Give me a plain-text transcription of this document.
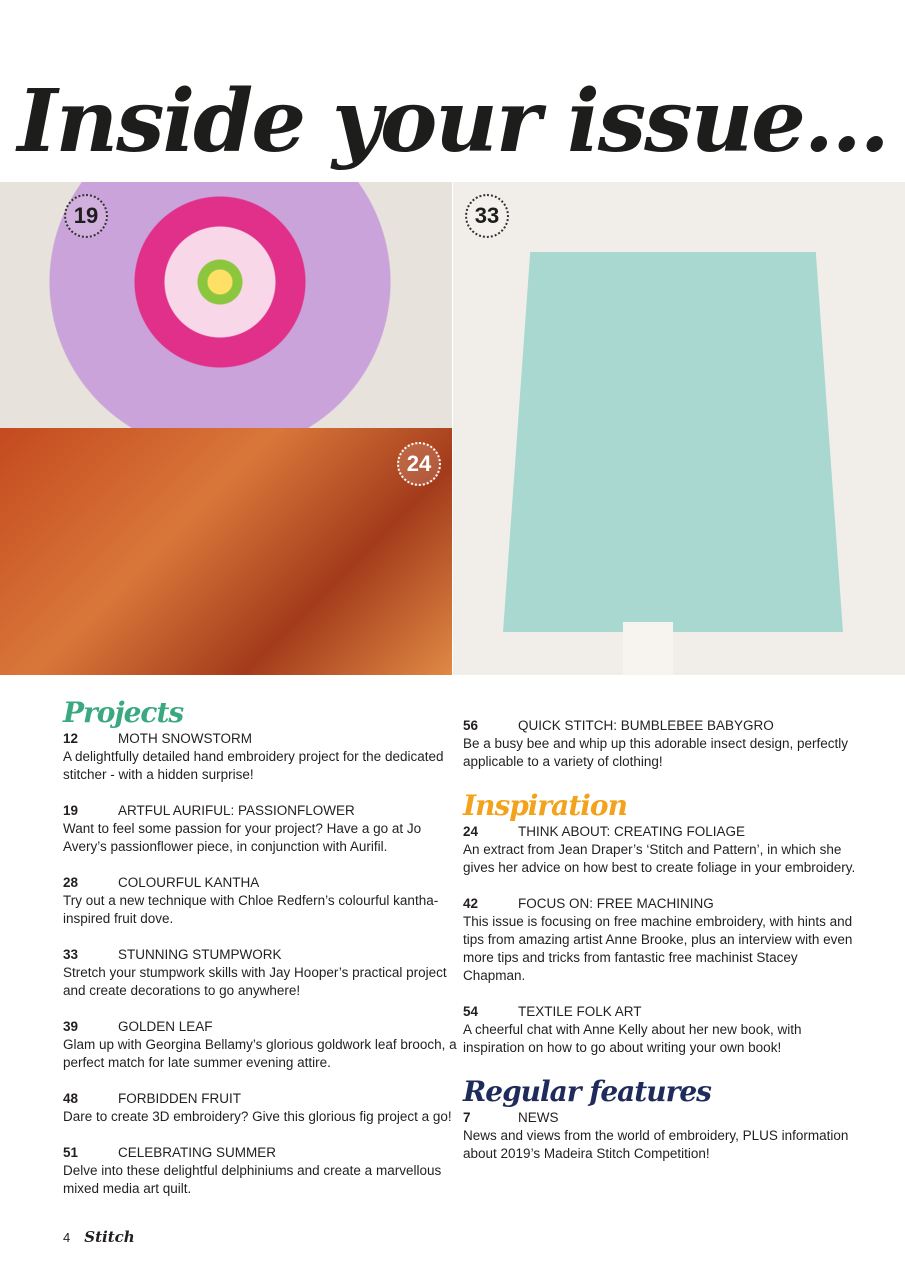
Inside your issue...
19
24
33
Projects
12	MOTH SNOWSTORM
A delightfully detailed hand embroidery project for the dedicated stitcher - with a hidden surprise!
19	ARTFUL AURIFUL: PASSIONFLOWER
Want to feel some passion for your project? Have a go at Jo Avery’s passionflower piece, in conjunction with Aurifil.
28	COLOURFUL KANTHA
Try out a new technique with Chloe Redfern’s colourful kantha-inspired fruit dove.
33	STUNNING STUMPWORK
Stretch your stumpwork skills with Jay Hooper’s practical project and create decorations to go anywhere!
39	GOLDEN LEAF
Glam up with Georgina Bellamy’s glorious goldwork leaf brooch, a perfect match for late summer evening attire.
48	FORBIDDEN FRUIT
Dare to create 3D embroidery? Give this glorious fig project a go!
51	CELEBRATING SUMMER
Delve into these delightful delphiniums and create a marvellous mixed media art quilt.
56	QUICK STITCH: BUMBLEBEE BABYGRO
Be a busy bee and whip up this adorable insect design, perfectly applicable to a variety of clothing!
Inspiration
24	THINK ABOUT: CREATING FOLIAGE
An extract from Jean Draper’s ‘Stitch and Pattern’, in which she gives her advice on how best to create foliage in your embroidery.
42	FOCUS ON: FREE MACHINING
This issue is focusing on free machine embroidery, with hints and tips from amazing artist Anne Brooke, plus an interview with even more tips and tricks from fantastic free machinist Stacey Chapman.
54	TEXTILE FOLK ART
A cheerful chat with Anne Kelly about her new book, with inspiration on how to go about writing your own book!
Regular features
7	NEWS
News and views from the world of embroidery, PLUS information about 2019’s Madeira Stitch Competition!
4 Stitch
